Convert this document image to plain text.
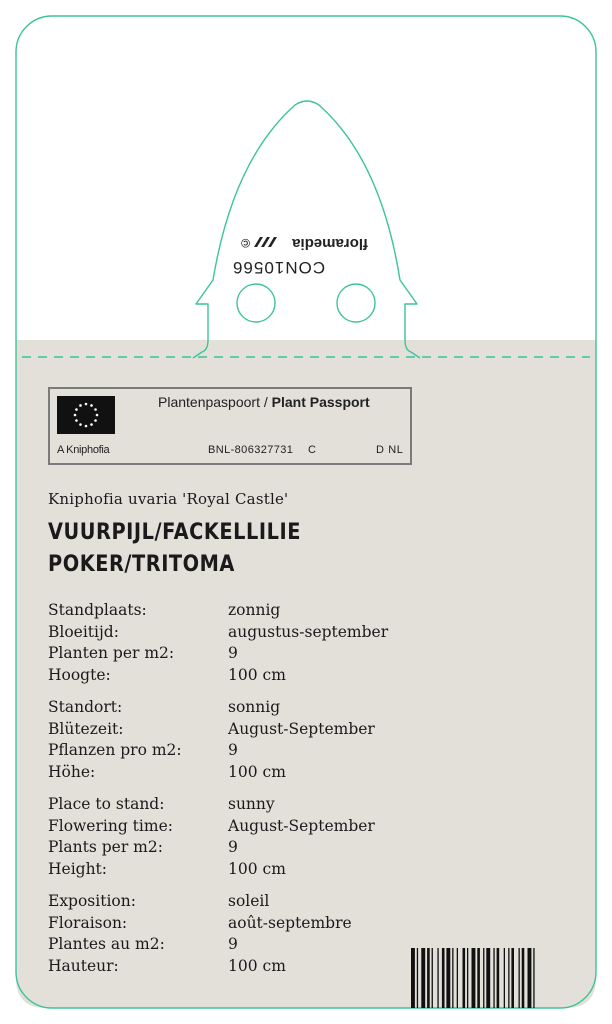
CON10566
floramedia
©
Plantenpaspoort / Plant Passport
A Kniphofia	BNL-806327731 C	D NL
Kniphofia uvaria 'Royal Castle'
VUURPIJL/FACKELLILIE
POKER/TRITOMA
Standplaats:	zonnig
Bloeitijd:	augustus-september
Planten per m2:	9
Hoogte:	100 cm
Standort:	sonnig
Blütezeit:	August-September
Pflanzen pro m2:	9
Höhe:	100 cm
Place to stand:	sunny
Flowering time:	August-September
Plants per m2:	9
Height:	100 cm
Exposition:	soleil
Floraison:	août-septembre
Plantes au m2:	9
Hauteur:	100 cm
